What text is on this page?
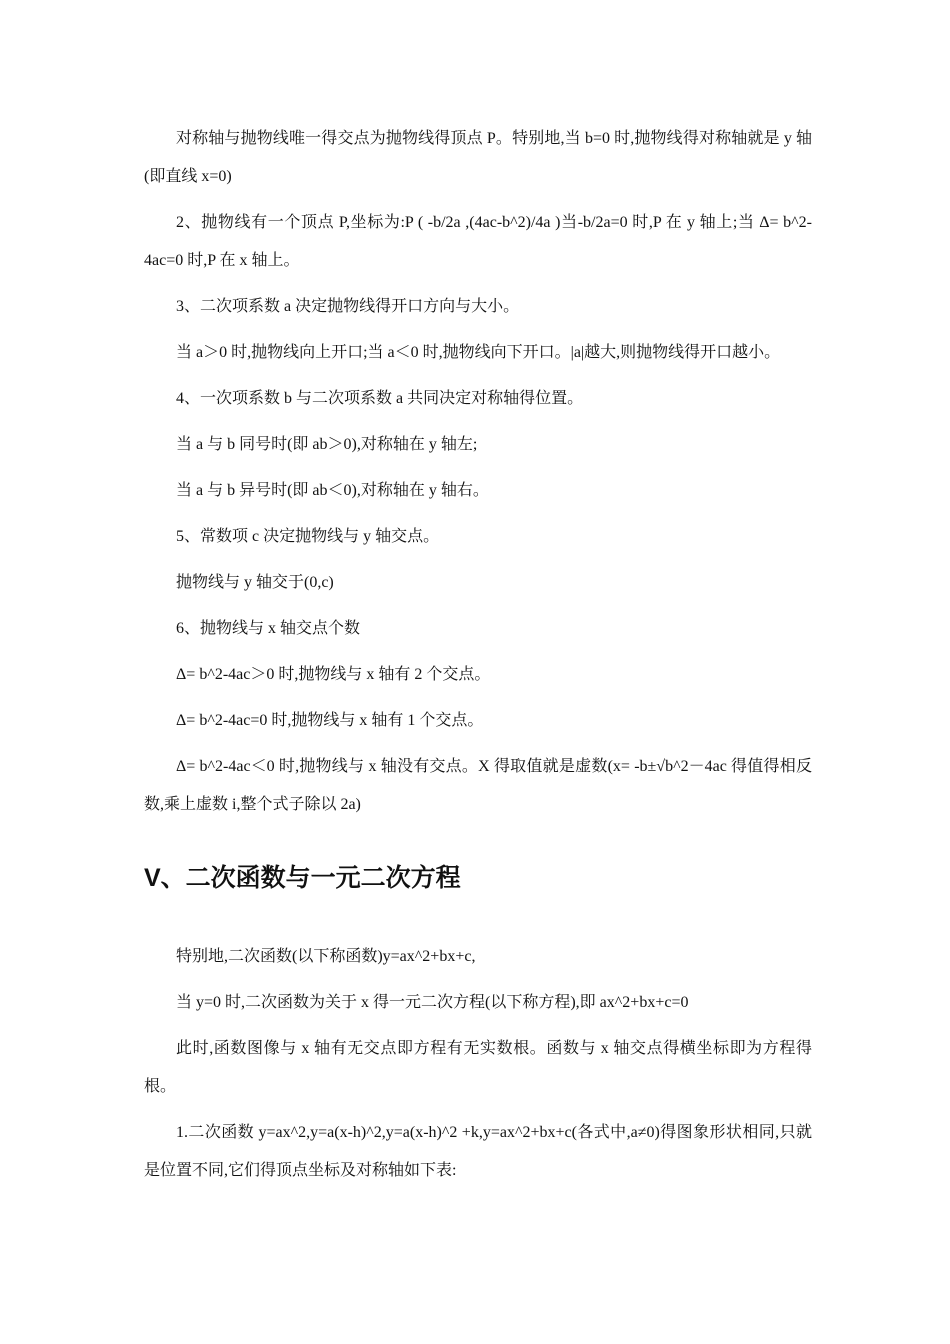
对称轴与抛物线唯一得交点为抛物线得顶点 P。特别地,当 b=0 时,抛物线得对称轴就是 y 轴(即直线 x=0)

2、抛物线有一个顶点 P,坐标为:P ( -b/2a ,(4ac-b^2)/4a )当-b/2a=0 时,P 在 y 轴上;当 Δ= b^2-4ac=0 时,P 在 x 轴上。

3、二次项系数 a 决定抛物线得开口方向与大小。

当 a＞0 时,抛物线向上开口;当 a＜0 时,抛物线向下开口。|a|越大,则抛物线得开口越小。

4、一次项系数 b 与二次项系数 a 共同决定对称轴得位置。

当 a 与 b 同号时(即 ab＞0),对称轴在 y 轴左;

当 a 与 b 异号时(即 ab＜0),对称轴在 y 轴右。

5、常数项 c 决定抛物线与 y 轴交点。

抛物线与 y 轴交于(0,c)

6、抛物线与 x 轴交点个数

Δ= b^2-4ac＞0 时,抛物线与 x 轴有 2 个交点。

Δ= b^2-4ac=0 时,抛物线与 x 轴有 1 个交点。

Δ= b^2-4ac＜0 时,抛物线与 x 轴没有交点。X 得取值就是虚数(x= -b±√b^2－4ac 得值得相反数,乘上虚数 i,整个式子除以 2a)

V、二次函数与一元二次方程

特别地,二次函数(以下称函数)y=ax^2+bx+c,

当 y=0 时,二次函数为关于 x 得一元二次方程(以下称方程),即 ax^2+bx+c=0

此时,函数图像与 x 轴有无交点即方程有无实数根。函数与 x 轴交点得横坐标即为方程得根。

1.二次函数 y=ax^2,y=a(x-h)^2,y=a(x-h)^2 +k,y=ax^2+bx+c(各式中,a≠0)得图象形状相同,只就是位置不同,它们得顶点坐标及对称轴如下表:
